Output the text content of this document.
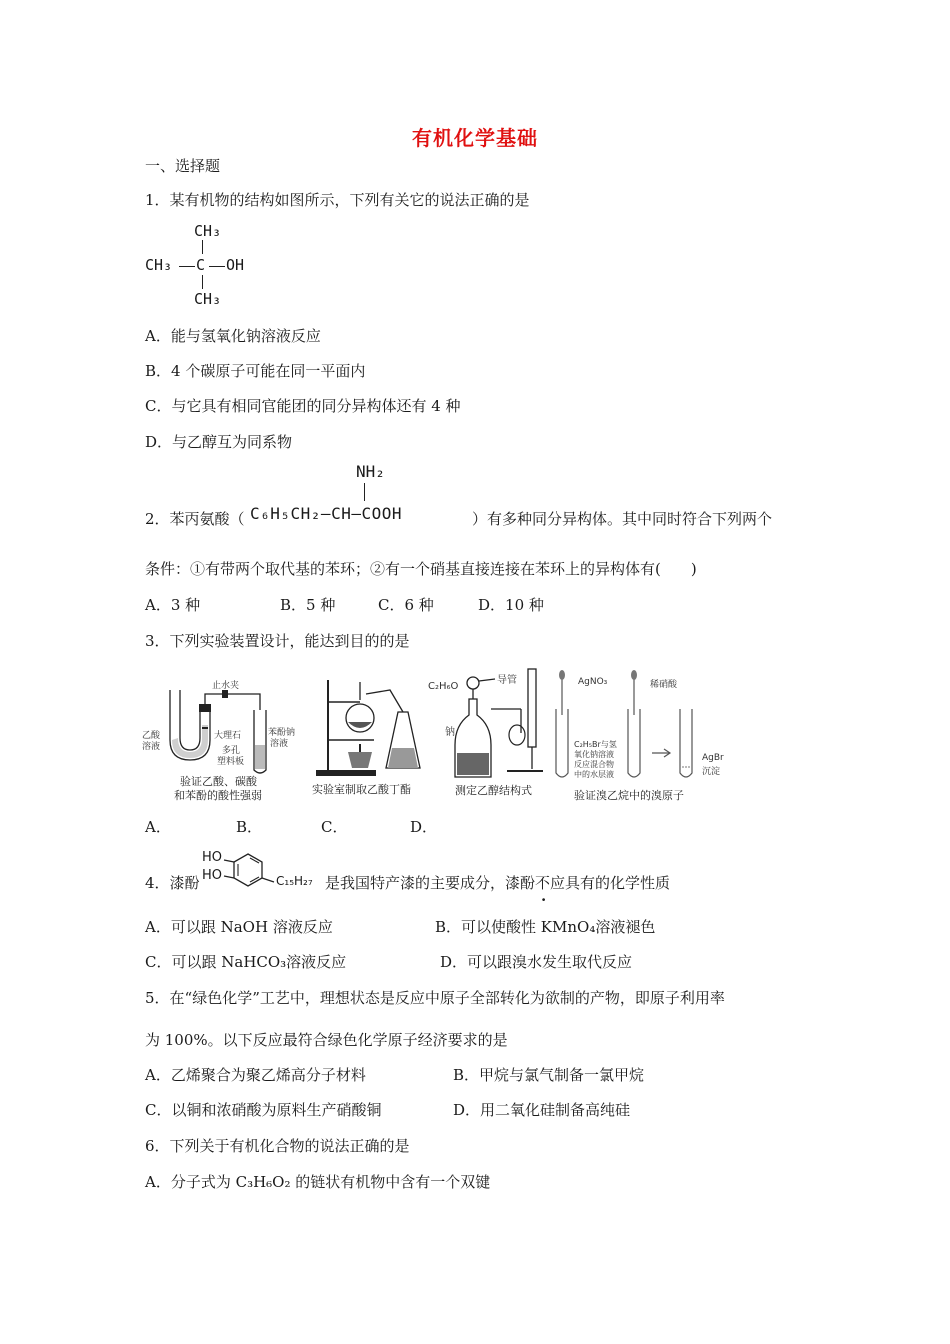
有机化学基础
一、选择题
1．某有机物的结构如图所示，下列有关它的说法正确的是
CH₃
CH₃ C OH
CH₃
A．能与氢氧化钠溶液反应
B．4 个碳原子可能在同一平面内
C．与它具有相同官能团的同分异构体还有 4 种
D．与乙醇互为同系物
2．苯丙氨酸（
NH₂
C₆H₅CH₂—CH—COOH	）有多种同分异构体。其中同时符合下列两个
条件：①有带两个取代基的苯环；②有一个硝基直接连接在苯环上的异构体有(　　)
A．3 种	B．5 种	C．6 种	D．10 种
3．下列实验装置设计，能达到目的的是
止水夹
乙酸
溶液
大理石
多孔
塑料板
苯酚钠
溶液
验证乙酸、碳酸
和苯酚的酸性强弱	实验室制取乙酸丁酯
C₂H₆O
导管
钠
测定乙醇结构式
AgNO₃	稀硝酸
C₂H₅Br与氢
氧化钠溶液
反应混合物
中的水层液
AgBr
沉淀
验证溴乙烷中的溴原子
A．	B．	C．	D．
4．漆酚
HO
HO	C₁₅H₂₇ 是我国特产漆的主要成分，漆酚不应具有的化学性质
A．可以跟 NaOH 溶液反应	B．可以使酸性 KMnO₄溶液褪色
C．可以跟 NaHCO₃溶液反应	D．可以跟溴水发生取代反应
5．在“绿色化学”工艺中，理想状态是反应中原子全部转化为欲制的产物，即原子利用率
为 100%。以下反应最符合绿色化学原子经济要求的是
A．乙烯聚合为聚乙烯高分子材料	B．甲烷与氯气制备一氯甲烷
C．以铜和浓硝酸为原料生产硝酸铜	D．用二氧化硅制备高纯硅
6．下列关于有机化合物的说法正确的是
A．分子式为 C₃H₆O₂ 的链状有机物中含有一个双键
